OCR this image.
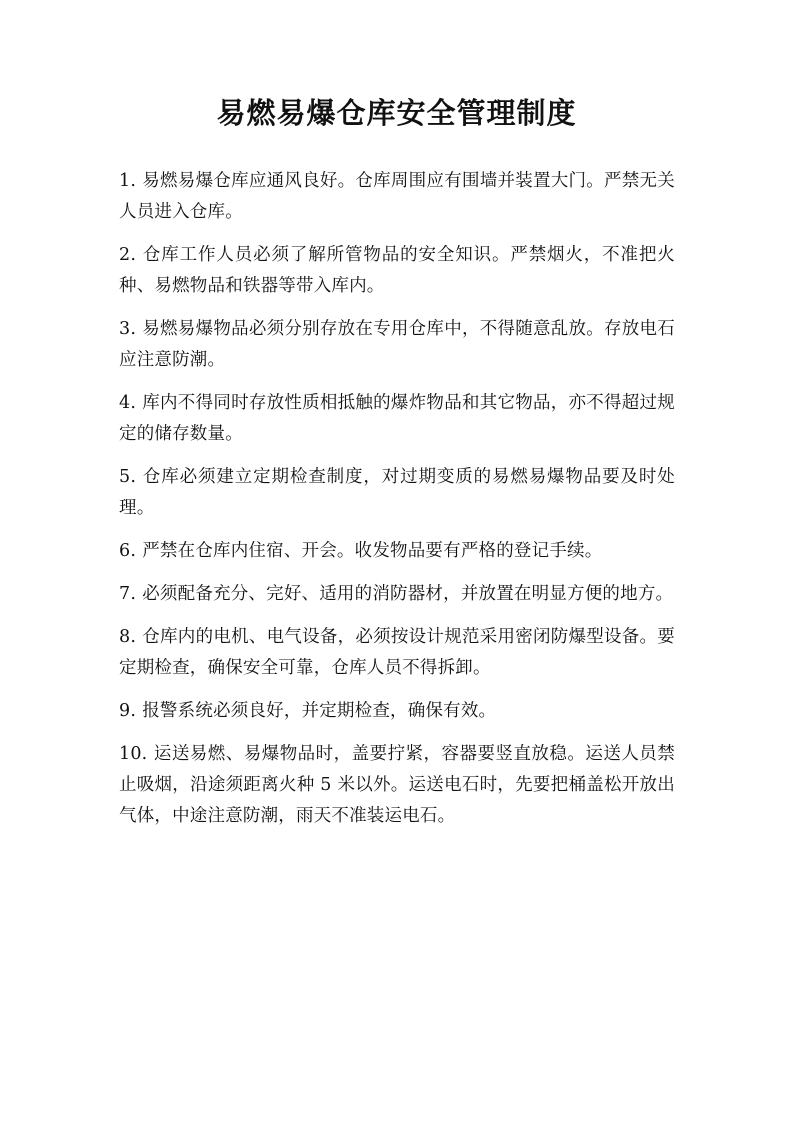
易燃易爆仓库安全管理制度
1. 易燃易爆仓库应通风良好。仓库周围应有围墙并装置大门。严禁无关人员进入仓库。
2. 仓库工作人员必须了解所管物品的安全知识。严禁烟火，不准把火种、易燃物品和铁器等带入库内。
3. 易燃易爆物品必须分别存放在专用仓库中，不得随意乱放。存放电石应注意防潮。
4. 库内不得同时存放性质相抵触的爆炸物品和其它物品，亦不得超过规定的储存数量。
5. 仓库必须建立定期检查制度，对过期变质的易燃易爆物品要及时处理。
6. 严禁在仓库内住宿、开会。收发物品要有严格的登记手续。
7. 必须配备充分、完好、适用的消防器材，并放置在明显方便的地方。
8. 仓库内的电机、电气设备，必须按设计规范采用密闭防爆型设备。要定期检查，确保安全可靠，仓库人员不得拆卸。
9. 报警系统必须良好，并定期检查，确保有效。
10. 运送易燃、易爆物品时，盖要拧紧，容器要竖直放稳。运送人员禁止吸烟，沿途须距离火种 5 米以外。运送电石时，先要把桶盖松开放出气体，中途注意防潮，雨天不准装运电石。
